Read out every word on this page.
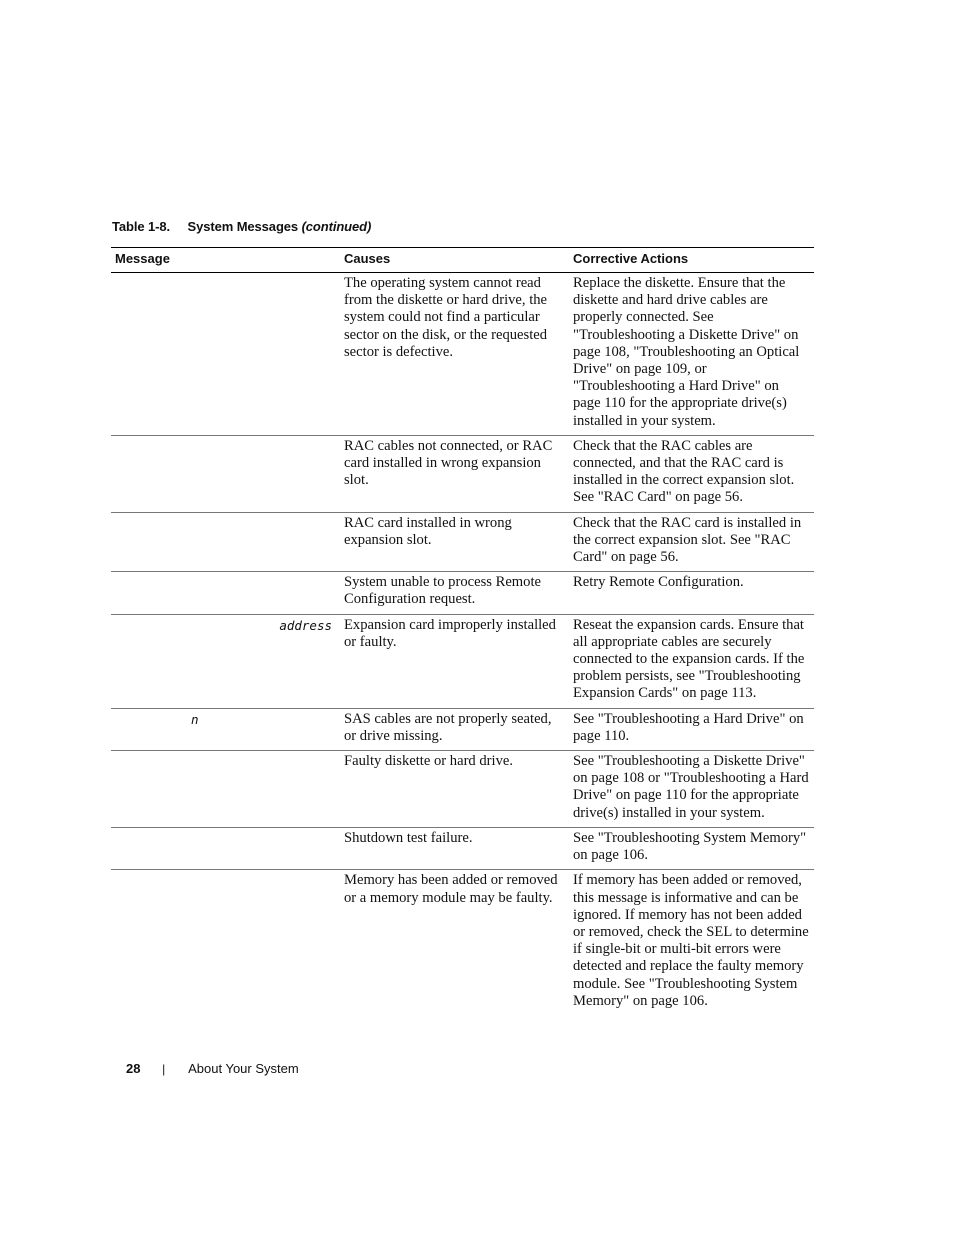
Table 1-8. System Messages (continued)
Message	Causes	Corrective Actions
	The operating system cannot read from the diskette or hard drive, the system could not find a particular sector on the disk, or the requested sector is defective.	Replace the diskette. Ensure that the diskette and hard drive cables are properly connected. See "Troubleshooting a Diskette Drive" on page 108, "Troubleshooting an Optical Drive" on page 109, or "Troubleshooting a Hard Drive" on page 110 for the appropriate drive(s) installed in your system.
	RAC cables not connected, or RAC card installed in wrong expansion slot.	Check that the RAC cables are connected, and that the RAC card is installed in the correct expansion slot. See "RAC Card" on page 56.
	RAC card installed in wrong expansion slot.	Check that the RAC card is installed in the correct expansion slot. See "RAC Card" on page 56.
	System unable to process Remote Configuration request.	Retry Remote Configuration.
address	Expansion card improperly installed or faulty.	Reseat the expansion cards. Ensure that all appropriate cables are securely connected to the expansion cards. If the problem persists, see "Troubleshooting Expansion Cards" on page 113.
n	SAS cables are not properly seated, or drive missing.	See "Troubleshooting a Hard Drive" on page 110.
	Faulty diskette or hard drive.	See "Troubleshooting a Diskette Drive" on page 108 or "Troubleshooting a Hard Drive" on page 110 for the appropriate drive(s) installed in your system.
	Shutdown test failure.	See "Troubleshooting System Memory" on page 106.
	Memory has been added or removed or a memory module may be faulty.	If memory has been added or removed, this message is informative and can be ignored. If memory has not been added or removed, check the SEL to determine if single-bit or multi-bit errors were detected and replace the faulty memory module. See "Troubleshooting System Memory" on page 106.
28 | About Your System
